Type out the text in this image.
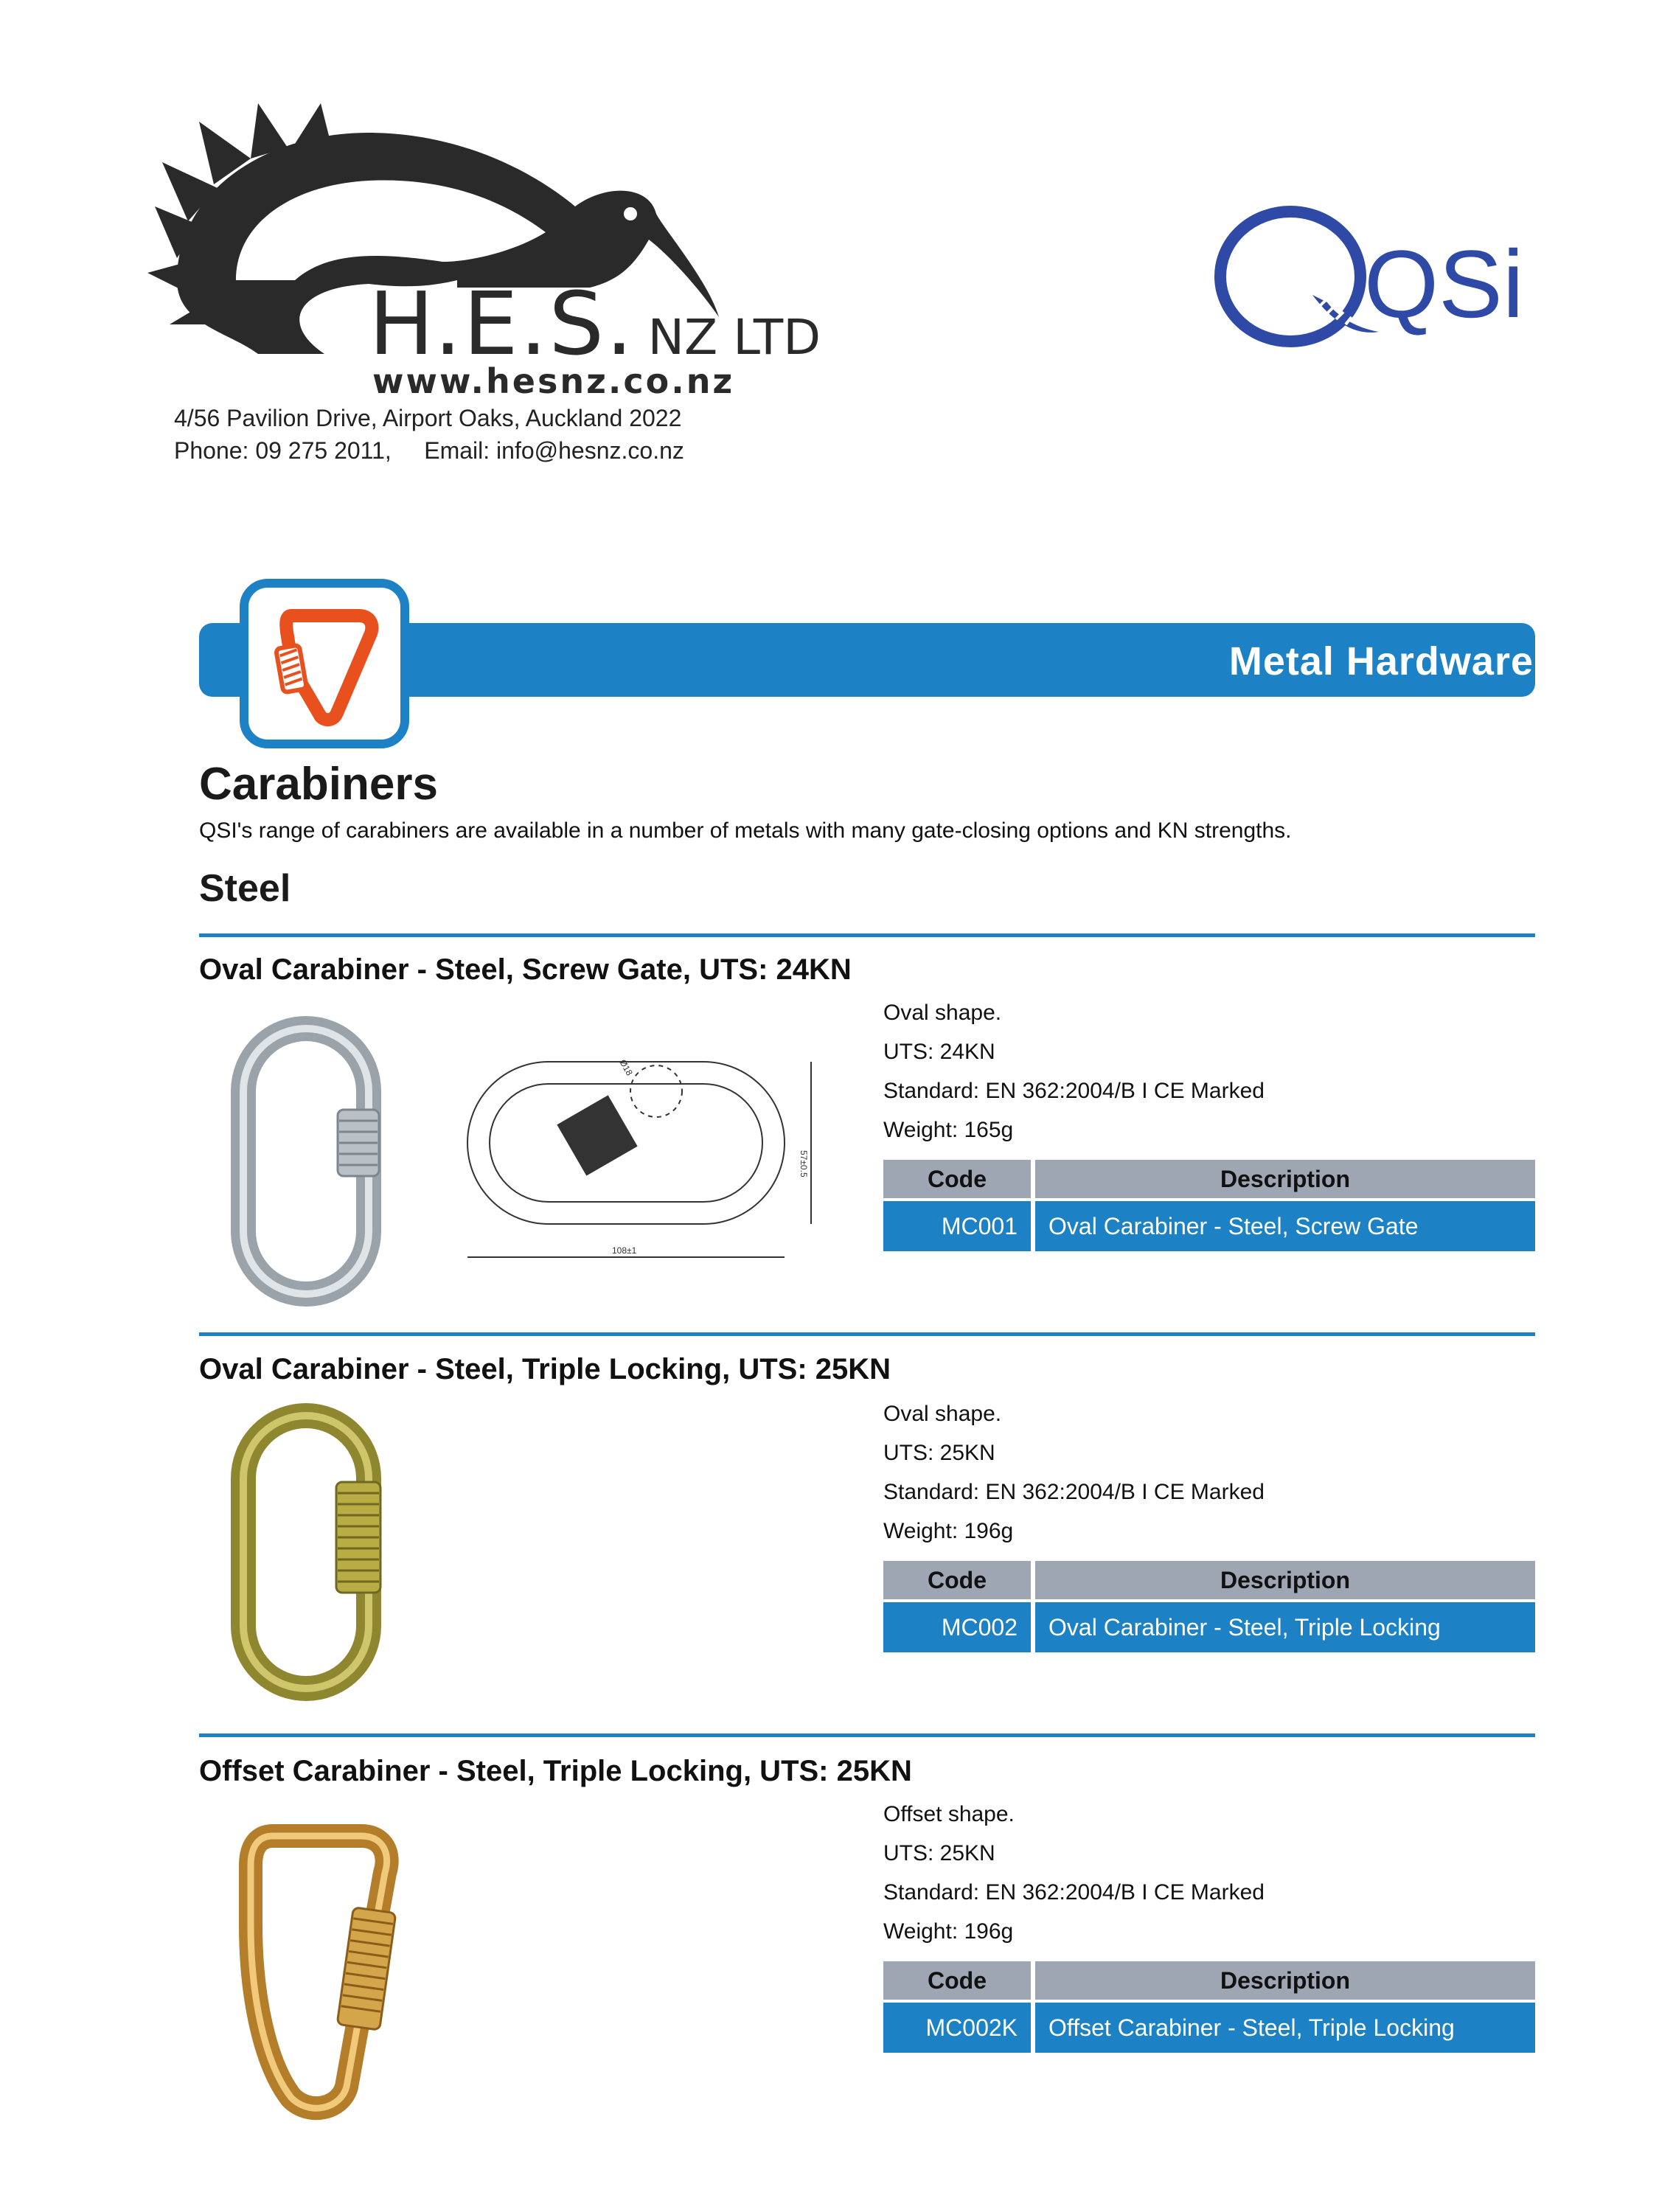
H.E.S. NZ LTD
www.hesnz.co.nz
4/56 Pavilion Drive, Airport Oaks, Auckland 2022
Phone: 09 275 2011,     Email: info@hesnz.co.nz
QSi
Metal Hardware
Carabiners
QSI's range of carabiners are available in a number of metals with many gate-closing options and KN strengths.
Steel
Oval Carabiner - Steel, Screw Gate, UTS: 24KN
108±1
57±0.5
Ø18
Oval shape.
UTS: 24KN
Standard: EN 362:2004/B I CE Marked
Weight: 165g
Code	Description
MC001	Oval Carabiner - Steel, Screw Gate
Oval Carabiner - Steel, Triple Locking, UTS: 25KN
Oval shape.
UTS: 25KN
Standard: EN 362:2004/B I CE Marked
Weight: 196g
Code	Description
MC002	Oval Carabiner - Steel, Triple Locking
Offset Carabiner - Steel, Triple Locking, UTS: 25KN
Offset shape.
UTS: 25KN
Standard: EN 362:2004/B I CE Marked
Weight: 196g
Code	Description
MC002K	Offset Carabiner - Steel, Triple Locking
